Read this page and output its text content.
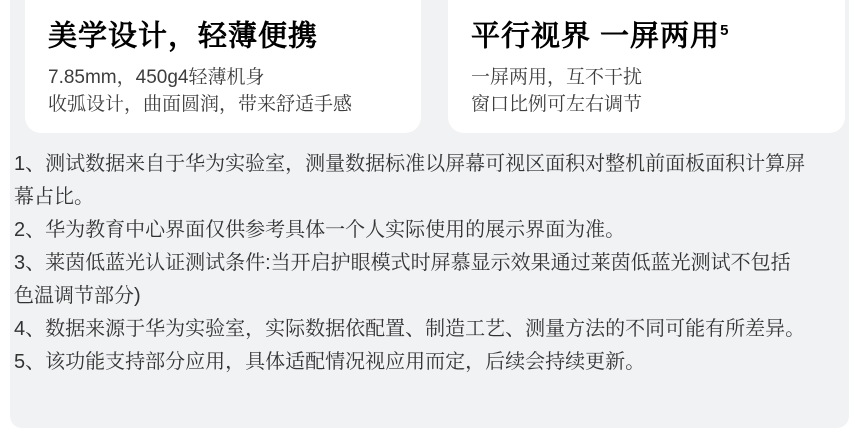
美学设计，轻薄便携
7.85mm，450g4轻薄机身
收弧设计，曲面圆润，带来舒适手感
平行视界 一屏两用$^5$
一屏两用，互不干扰
窗口比例可左右调节
1、测试数据来自于华为实验室，测量数据标准以屏幕可视区面积对整机前面板面积计算屏
幕占比。
2、华为教育中心界面仅供参考具体一个人实际使用的展示界面为准。
3、莱茵低蓝光认证测试条件:当开启护眼模式时屏慕显示效果通过莱茵低蓝光测试不包括
色温调节部分)
4、数据来源于华为实验室，实际数据依配置、制造工艺、测量方法的不同可能有所差异。
5、该功能支持部分应用，具体适配情况视应用而定，后续会持续更新。
